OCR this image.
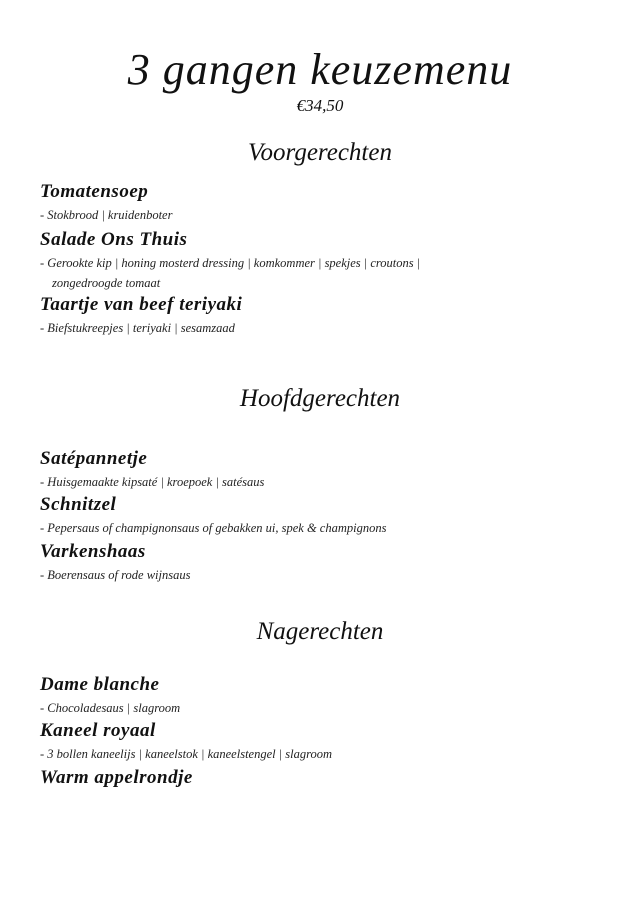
3 gangen keuzemenu
€34,50
Voorgerechten
Tomatensoep
- Stokbrood | kruidenboter
Salade Ons Thuis
- Gerookte kip | honing mosterd dressing | komkommer | spekjes | croutons |
zongedroogde tomaat
Taartje van beef teriyaki
- Biefstukreepjes | teriyaki | sesamzaad
Hoofdgerechten
Satépannetje
- Huisgemaakte kipsaté | kroepoek | satésaus
Schnitzel
- Pepersaus of champignonsaus of gebakken ui, spek & champignons
Varkenshaas
- Boerensaus of rode wijnsaus
Nagerechten
Dame blanche
- Chocoladesaus | slagroom
Kaneel royaal
- 3 bollen kaneelijs | kaneelstok | kaneelstengel | slagroom
Warm appelrondje
